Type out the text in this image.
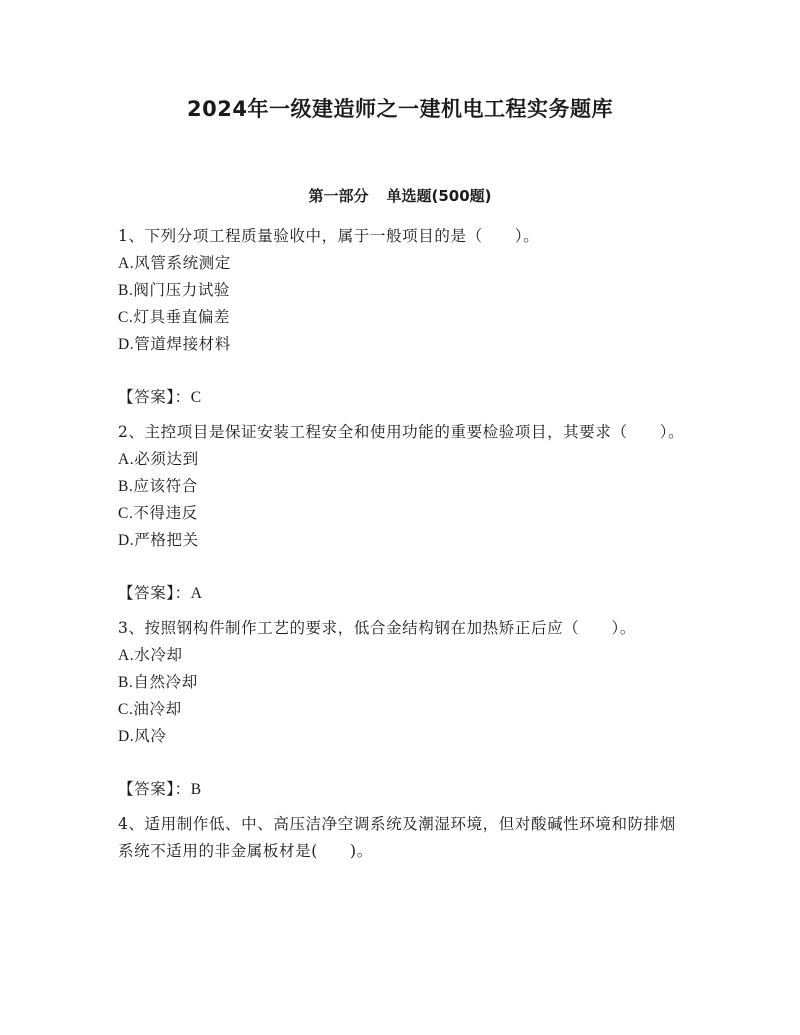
2024年一级建造师之一建机电工程实务题库
第一部分 单选题(500题)
1、下列分项工程质量验收中，属于一般项目的是（　　）。
A.风管系统测定
B.阀门压力试验
C.灯具垂直偏差
D.管道焊接材料
【答案】：C
2、主控项目是保证安装工程安全和使用功能的重要检验项目，其要求（　　）。
A.必须达到
B.应该符合
C.不得违反
D.严格把关
【答案】：A
3、按照钢构件制作工艺的要求，低合金结构钢在加热矫正后应（　　）。
A.水冷却
B.自然冷却
C.油冷却
D.风冷
【答案】：B
4、适用制作低、中、高压洁净空调系统及潮湿环境，但对酸碱性环境和防排烟系统不适用的非金属板材是(　　)。
